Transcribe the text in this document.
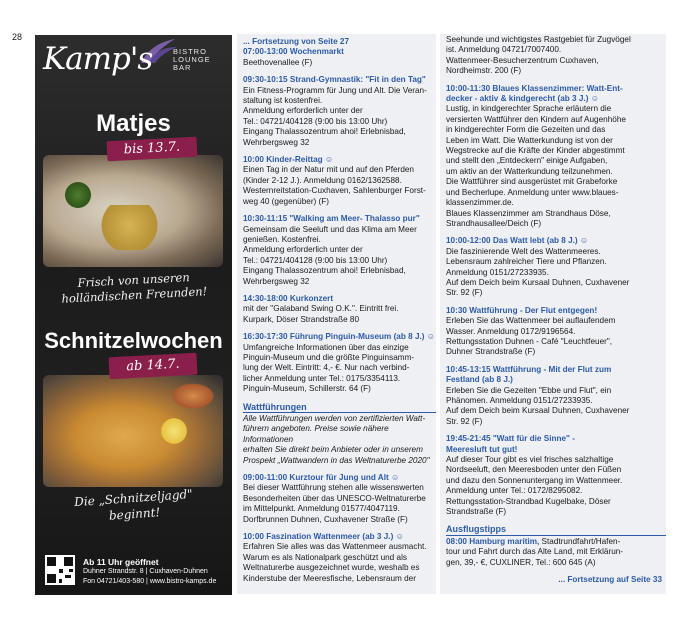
28
Kamp's	BISTRO
LOUNGE
BAR
Matjes
bis 13.7.
Frisch von unseren
holländischen Freunden!
Schnitzelwochen
ab 14.7.
Die „Schnitzeljagd"
beginnt!
Ab 11 Uhr geöffnet
Duhner Strandstr. 8 | Cuxhaven-Duhnen
Fon 04721/403-580 | www.bistro-kamps.de

... Fortsetzung von Seite 27

07:00-13:00 Wochenmarkt

Beethovenallee (F)

09:30-10:15 Strand-Gymnastik: "Fit in den Tag"

Ein Fitness-Programm für Jung und Alt. Die Veran-

staltung ist kostenfrei.

Anmeldung erforderlich unter der

Tel.: 04721/404128 (9:00 bis 13:00 Uhr)

Eingang Thalassozentrum ahoi! Erlebnisbad,

Wehrbergsweg 32

10:00 Kinder-Reittag ☺

Einen Tag in der Natur mit und auf den Pferden

(Kinder 2-12 J.). Anmeldung 0162/1362588.

Westernreitstation-Cuxhaven, Sahlenburger Forst-

weg 40 (gegenüber) (F)

10:30-11:15 "Walking am Meer- Thalasso pur"

Gemeinsam die Seeluft und das Klima am Meer

genießen. Kostenfrei.

Anmeldung erforderlich unter der

Tel.: 04721/404128 (9:00 bis 13:00 Uhr)

Eingang Thalassozentrum ahoi! Erlebnisbad,

Wehrbergsweg 32

14:30-18:00 Kurkonzert

mit der "Galaband Swing O.K.". Eintritt frei.

Kurpark, Döser Strandstraße 80

16:30-17:30 Führung Pinguin-Museum (ab 8 J.) ☺

Umfangreiche Informationen über das einzige

Pinguin-Museum und die größte Pinguinsamm-

lung der Welt. Eintritt: 4,- €. Nur nach verbind-

licher Anmeldung unter Tel.: 0175/3354113.

Pinguin-Museum, Schillerstr. 64 (F)

Wattführungen

Alle Wattführungen werden von zertifizierten Watt-

führern angeboten. Preise sowie nähere Informationen

erhalten Sie direkt beim Anbieter oder in unserem

Prospekt „Wattwandern in das Weltnaturerbe 2020"

09:00-11:00 Kurztour für Jung und Alt ☺

Bei dieser Wattführung stehen alle wissenswerten

Besonderheiten über das UNESCO-Weltnaturerbe

im Mittelpunkt. Anmeldung 01577/4047119.

Dorfbrunnen Duhnen, Cuxhavener Straße (F)

10:00 Faszination Wattenmeer (ab 3 J.) ☺

Erfahren Sie alles was das Wattenmeer ausmacht.

Warum es als Nationalpark geschützt und als

Weltnaturerbe ausgezeichnet wurde, weshalb es

Kinderstube der Meeresfische, Lebensraum der

Seehunde und wichtigstes Rastgebiet für Zugvögel

ist. Anmeldung 04721/7007400.

Wattenmeer-Besucherzentrum Cuxhaven,

Nordheimstr. 200 (F)

10:00-11:30 Blaues Klassenzimmer: Watt-Ent-

decker - aktiv & kindgerecht (ab 3 J.) ☺

Lustig, in kindgerechter Sprache erläutern die

versierten Wattführer den Kindern auf Augenhöhe

in kindgerechter Form die Gezeiten und das

Leben im Watt. Die Watterkundung ist von der

Wegstrecke auf die Kräfte der Kinder abgestimmt

und stellt den „Entdeckern" einige Aufgaben,

um aktiv an der Watterkundung teilzunehmen.

Die Wattführer sind ausgerüstet mit Grabeforke

und Becherlupe. Anmeldung unter www.blaues-

klassenzimmer.de.

Blaues Klassenzimmer am Strandhaus Döse,

Strandhausallee/Deich (F)

10:00-12:00 Das Watt lebt (ab 8 J.) ☺

Die faszinierende Welt des Wattenmeeres.

Lebensraum zahlreicher Tiere und Pflanzen.

Anmeldung 0151/27233935.

Auf dem Deich beim Kursaal Duhnen, Cuxhavener

Str. 92 (F)

10:30 Wattführung - Der Flut entgegen!

Erleben Sie das Wattenmeer bei auflaufendem

Wasser. Anmeldung 0172/9196564.

Rettungsstation Duhnen - Café "Leuchtfeuer",

Duhner Strandstraße (F)

10:45-13:15 Wattführung - Mit der Flut zum

Festland (ab 8 J.)

Erleben Sie die Gezeiten "Ebbe und Flut", ein

Phänomen. Anmeldung 0151/27233935.

Auf dem Deich beim Kursaal Duhnen, Cuxhavener

Str. 92 (F)

19:45-21:45 "Watt für die Sinne" -

Meeresluft tut gut!

Auf dieser Tour gibt es viel frisches salzhaltige

Nordseeluft, den Meeresboden unter den Füßen

und dazu den Sonnenuntergang im Wattenmeer.

Anmeldung unter Tel.: 0172/8295082.

Rettungsstation-Strandbad Kugelbake, Döser

Strandstraße (F)

Ausflugstipps

08:00 Hamburg maritim, Stadtrundfahrt/Hafen-

tour und Fahrt durch das Alte Land, mit Erklärun-

gen, 39,- €, CUXLINER, Tel.: 600 645 (A)

... Fortsetzung auf Seite 33
